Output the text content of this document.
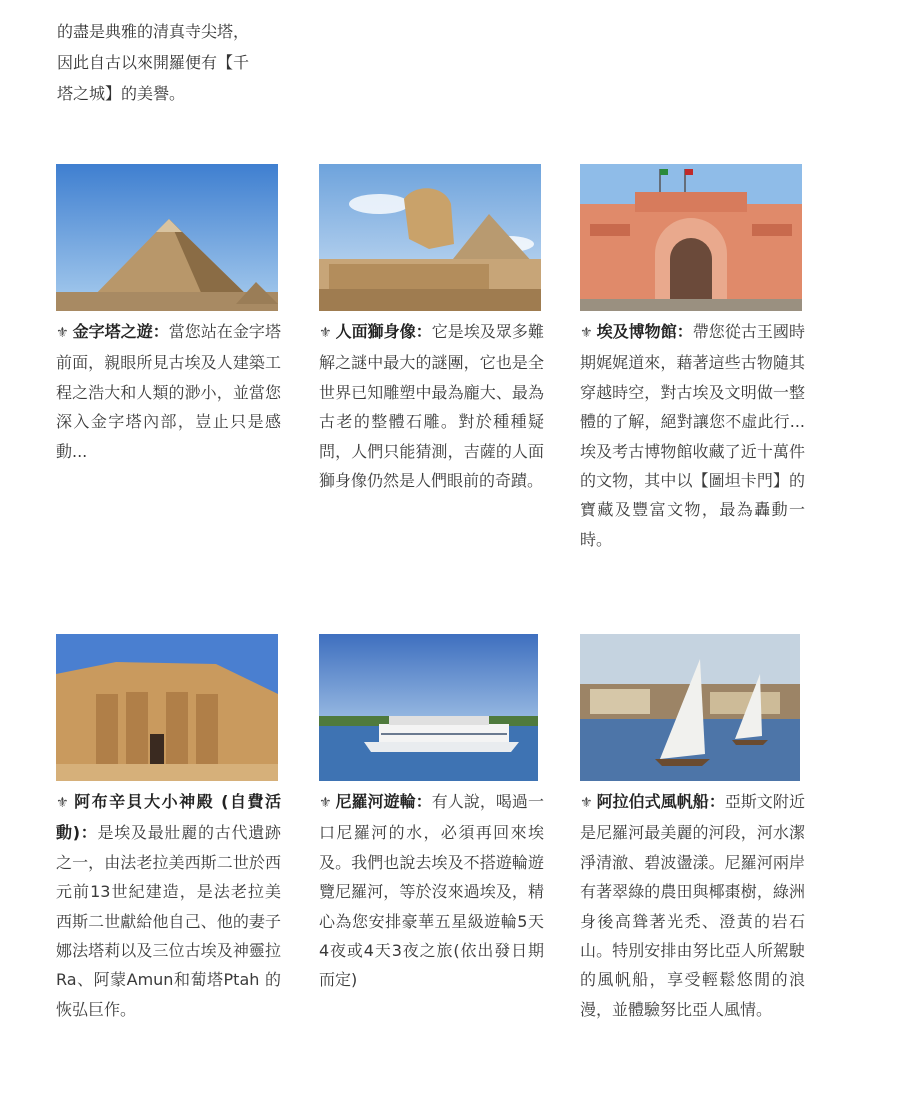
的盡是典雅的清真寺尖塔，

因此自古以來開羅便有【千

塔之城】的美譽。

⚜ 金字塔之遊：當您站在金字塔前面，親眼所見古埃及人建築工程之浩大和人類的渺小，並當您深入金字塔內部，豈止只是感動...
⚜ 人面獅身像：它是埃及眾多難解之謎中最大的謎團，它也是全世界已知雕塑中最為龐大、最為古老的整體石雕。對於種種疑問，人們只能猜測，吉薩的人面獅身像仍然是人們眼前的奇蹟。
⚜ 埃及博物館：帶您從古王國時期娓娓道來，藉著這些古物隨其穿越時空，對古埃及文明做一整體的了解，絕對讓您不虛此行...埃及考古博物館收藏了近十萬件的文物，其中以【圖坦卡門】的寶藏及豐富文物，最為轟動一時。
⚜ 阿布辛貝大小神殿 (自費活動)：是埃及最壯麗的古代遺跡之一，由法老拉美西斯二世於西元前13世紀建造，是法老拉美西斯二世獻給他自己、他的妻子娜法塔莉以及三位古埃及神靈拉Ra、阿蒙Amun和蔔塔Ptah 的恢弘巨作。
⚜ 尼羅河遊輪：有人說，喝過一口尼羅河的水，必須再回來埃及。我們也說去埃及不搭遊輪遊覽尼羅河，等於沒來過埃及，精心為您安排豪華五星級遊輪5天4夜或4天3夜之旅(依出發日期而定)
⚜ 阿拉伯式風帆船：亞斯文附近是尼羅河最美麗的河段，河水潔淨清澈、碧波盪漾。尼羅河兩岸有著翠綠的農田與椰棗樹，綠洲身後高聳著光禿、澄黃的岩石山。特別安排由努比亞人所駕駛的風帆船，享受輕鬆悠閒的浪漫，並體驗努比亞人風情。
